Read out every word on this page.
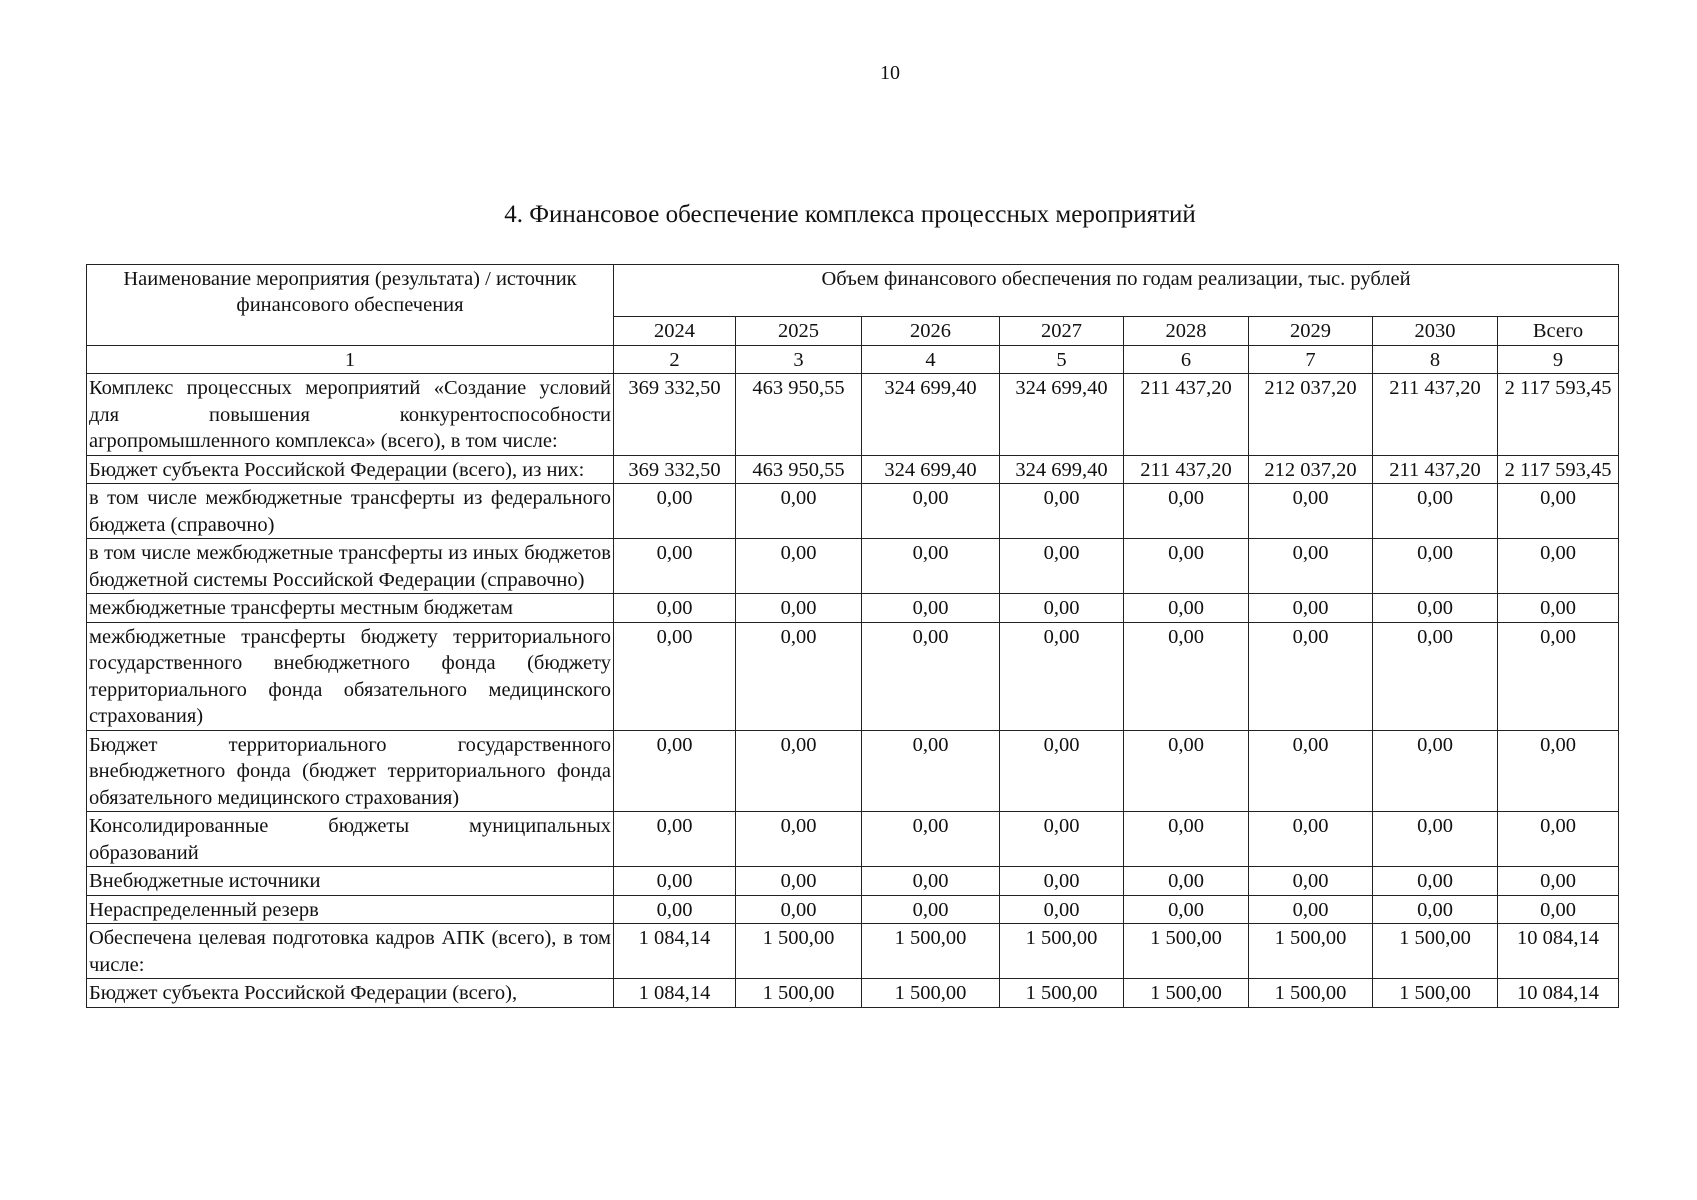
10
4. Финансовое обеспечение комплекса процессных мероприятий
Наименование мероприятия (результата) / источник финансового обеспечения	Объем финансового обеспечения по годам реализации, тыс. рублей							
	2024	2025	2026	2027	2028	2029	2030	Всего
1	2	3	4	5	6	7	8	9
Комплекс процессных мероприятий «Создание условий для повышения конкурентоспособности агропромышленного комплекса» (всего), в том числе:	369 332,50	463 950,55	324 699,40	324 699,40	211 437,20	212 037,20	211 437,20	2 117 593,45
Бюджет субъекта Российской Федерации (всего), из них:	369 332,50	463 950,55	324 699,40	324 699,40	211 437,20	212 037,20	211 437,20	2 117 593,45
в том числе межбюджетные трансферты из федерального бюджета (справочно)	0,00	0,00	0,00	0,00	0,00	0,00	0,00	0,00
в том числе межбюджетные трансферты из иных бюджетов бюджетной системы Российской Федерации (справочно)	0,00	0,00	0,00	0,00	0,00	0,00	0,00	0,00
межбюджетные трансферты местным бюджетам	0,00	0,00	0,00	0,00	0,00	0,00	0,00	0,00
межбюджетные трансферты бюджету территориального государственного внебюджетного фонда (бюджету территориального фонда обязательного медицинского страхования)	0,00	0,00	0,00	0,00	0,00	0,00	0,00	0,00
Бюджет территориального государственного внебюджетного фонда (бюджет территориального фонда обязательного медицинского страхования)	0,00	0,00	0,00	0,00	0,00	0,00	0,00	0,00
Консолидированные бюджеты муниципальных образований	0,00	0,00	0,00	0,00	0,00	0,00	0,00	0,00
Внебюджетные источники	0,00	0,00	0,00	0,00	0,00	0,00	0,00	0,00
Нераспределенный резерв	0,00	0,00	0,00	0,00	0,00	0,00	0,00	0,00
Обеспечена целевая подготовка кадров АПК (всего), в том числе:	1 084,14	1 500,00	1 500,00	1 500,00	1 500,00	1 500,00	1 500,00	10 084,14
Бюджет субъекта Российской Федерации (всего),	1 084,14	1 500,00	1 500,00	1 500,00	1 500,00	1 500,00	1 500,00	10 084,14
